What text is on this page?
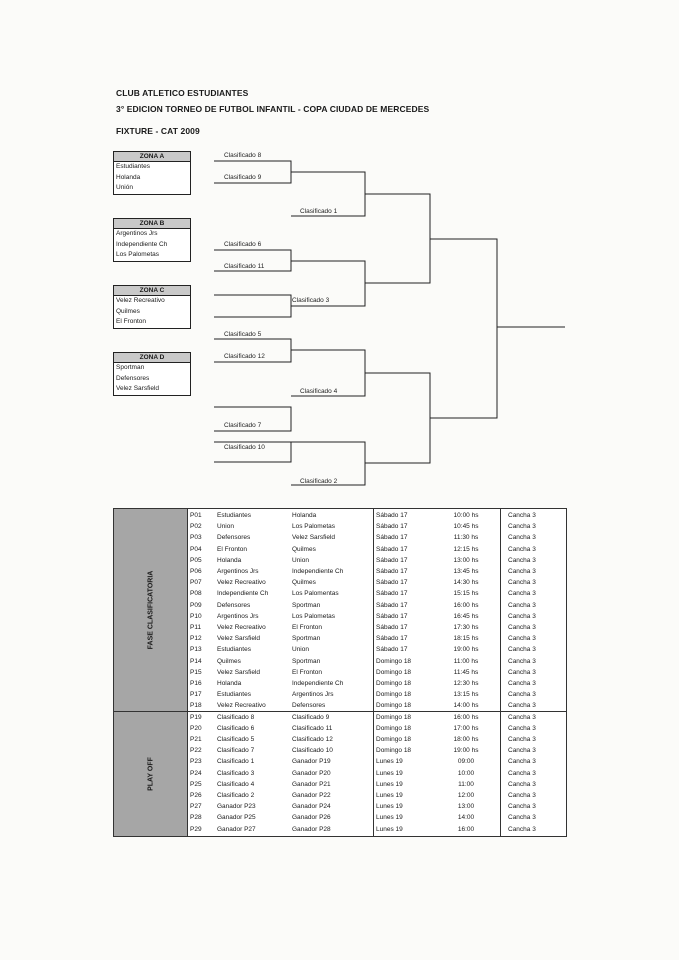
CLUB ATLETICO ESTUDIANTES
3° EDICION TORNEO DE FUTBOL INFANTIL - COPA CIUDAD DE MERCEDES
FIXTURE - CAT 2009
ZONA A
Estudiantes
Holanda
Unión
ZONA B
Argentinos Jrs
Independiente Ch
Los Palometas
ZONA C
Velez Recreativo
Quilmes
El Fronton
ZONA D
Sportman
Defensores
Velez Sarsfield
Clasificado 8
Clasificado 9
Clasificado 6
Clasificado 11
Clasificado 5
Clasificado 12
Clasificado 7
Clasificado 10
Clasificado 1
Clasificado 3
Clasificado 4
Clasificado 2
FASE CLASIFICATORIA
PLAY OFF
P01 Estudiantes	Holanda	Sábado 17	10:00 hs	Cancha 3
P02 Union	Los Palometas	Sábado 17	10:45 hs	Cancha 3
P03 Defensores	Velez Sarsfield	Sábado 17	11:30 hs	Cancha 3
P04 El Fronton	Quilmes	Sábado 17	12:15 hs	Cancha 3
P05 Holanda	Union	Sábado 17	13:00 hs	Cancha 3
P06 Argentinos Jrs	Independiente Ch	Sábado 17	13:45 hs	Cancha 3
P07 Velez Recreativo	Quilmes	Sábado 17	14:30 hs	Cancha 3
P08 Independiente Ch	Los Palomentas	Sábado 17	15:15 hs	Cancha 3
P09 Defensores	Sportman	Sábado 17	16:00 hs	Cancha 3
P10 Argentinos Jrs	Los Palometas	Sábado 17	16:45 hs	Cancha 3
P11 Velez Recreativo	El Fronton	Sábado 17	17:30 hs	Cancha 3
P12 Velez Sarsfield	Sportman	Sábado 17	18:15 hs	Cancha 3
P13 Estudiantes	Union	Sábado 17	19:00 hs	Cancha 3
P14 Quilmes	Sportman	Domingo 18	11:00 hs	Cancha 3
P15 Velez Sarsfield	El Fronton	Domingo 18	11:45 hs	Cancha 3
P16 Holanda	Independiente Ch	Domingo 18	12:30 hs	Cancha 3
P17 Estudiantes	Argentinos Jrs	Domingo 18	13:15 hs	Cancha 3
P18 Velez Recreativo	Defensores	Domingo 18	14:00 hs	Cancha 3
P19 Clasificado 8	Clasificado 9	Domingo 18	16:00 hs	Cancha 3
P20 Clasificado 6	Clasificado 11	Domingo 18	17:00 hs	Cancha 3
P21 Clasificado 5	Clasificado 12	Domingo 18	18:00 hs	Cancha 3
P22 Clasificado 7	Clasificado 10	Domingo 18	19:00 hs	Cancha 3
P23 Clasificado 1	Ganador P19	Lunes 19	09:00	Cancha 3
P24 Clasificado 3	Ganador P20	Lunes 19	10:00	Cancha 3
P25 Clasificado 4	Ganador P21	Lunes 19	11:00	Cancha 3
P26 Clasificado 2	Ganador P22	Lunes 19	12:00	Cancha 3
P27 Ganador P23	Ganador P24	Lunes 19	13:00	Cancha 3
P28 Ganador P25	Ganador P26	Lunes 19	14:00	Cancha 3
P29 Ganador P27	Ganador P28	Lunes 19	16:00	Cancha 3
